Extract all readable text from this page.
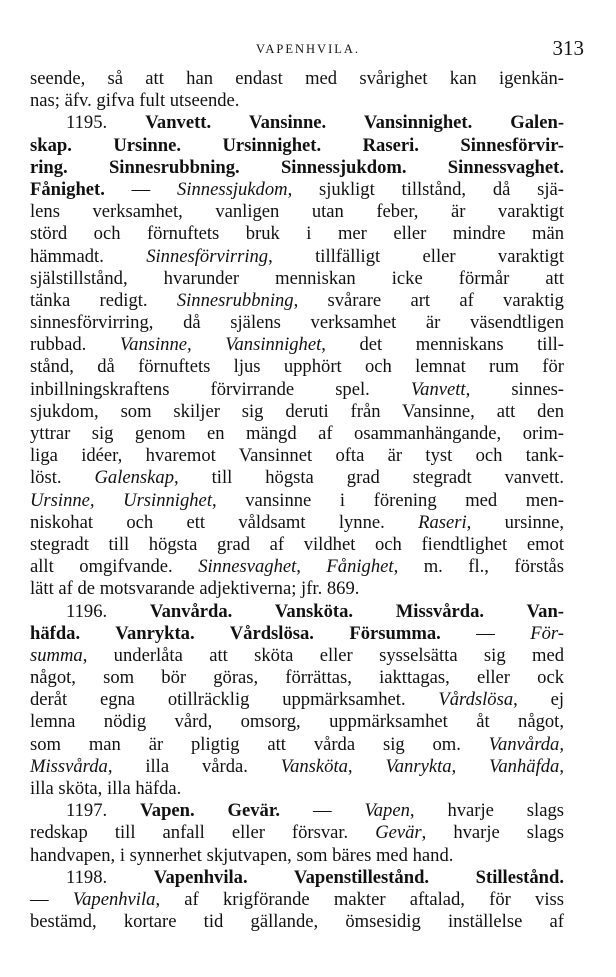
VAPENHVILA.	313
seende, så att han endast med svårighet kan igenkän-
nas; äfv. gifva fult utseende.
1195. Vanvett. Vansinne. Vansinnighet. Galen-
skap. Ursinne. Ursinnighet. Raseri. Sinnesförvir-
ring. Sinnesrubbning. Sinnessjukdom. Sinnessvaghet.
Fånighet. — Sinnessjukdom, sjukligt tillstånd, då sjä-
lens verksamhet, vanligen utan feber, är varaktigt
störd och förnuftets bruk i mer eller mindre män
hämmadt. Sinnesförvirring, tillfälligt eller varaktigt
själstillstånd, hvarunder menniskan icke förmår att
tänka redigt. Sinnesrubbning, svårare art af varaktig
sinnesförvirring, då själens verksamhet är väsendtligen
rubbad. Vansinne, Vansinnighet, det menniskans till-
stånd, då förnuftets ljus upphört och lemnat rum för
inbillningskraftens förvirrande spel. Vanvett, sinnes-
sjukdom, som skiljer sig deruti från Vansinne, att den
yttrar sig genom en mängd af osammanhängande, orim-
liga idéer, hvaremot Vansinnet ofta är tyst och tank-
löst. Galenskap, till högsta grad stegradt vanvett.
Ursinne, Ursinnighet, vansinne i förening med men-
niskohat och ett våldsamt lynne. Raseri, ursinne,
stegradt till högsta grad af vildhet och fiendtlighet emot
allt omgifvande. Sinnesvaghet, Fånighet, m. fl., förstås
lätt af de motsvarande adjektiverna; jfr. 869.
1196. Vanvårda. Vansköta. Missvårda. Van-
häfda. Vanrykta. Vårdslösa. Försumma. — För-
summa, underlåta att sköta eller sysselsätta sig med
något, som bör göras, förrättas, iakttagas, eller ock
deråt egna otillräcklig uppmärksamhet. Vårdslösa, ej
lemna nödig vård, omsorg, uppmärksamhet åt något,
som man är pligtig att vårda sig om. Vanvårda,
Missvårda, illa vårda. Vansköta, Vanrykta, Vanhäfda,
illa sköta, illa häfda.
1197. Vapen. Gevär. — Vapen, hvarje slags
redskap till anfall eller försvar. Gevär, hvarje slags
handvapen, i synnerhet skjutvapen, som bäres med hand.
1198. Vapenhvila. Vapenstillestånd. Stillestånd.
— Vapenhvila, af krigförande makter aftalad, för viss
bestämd, kortare tid gällande, ömsesidig inställelse af
